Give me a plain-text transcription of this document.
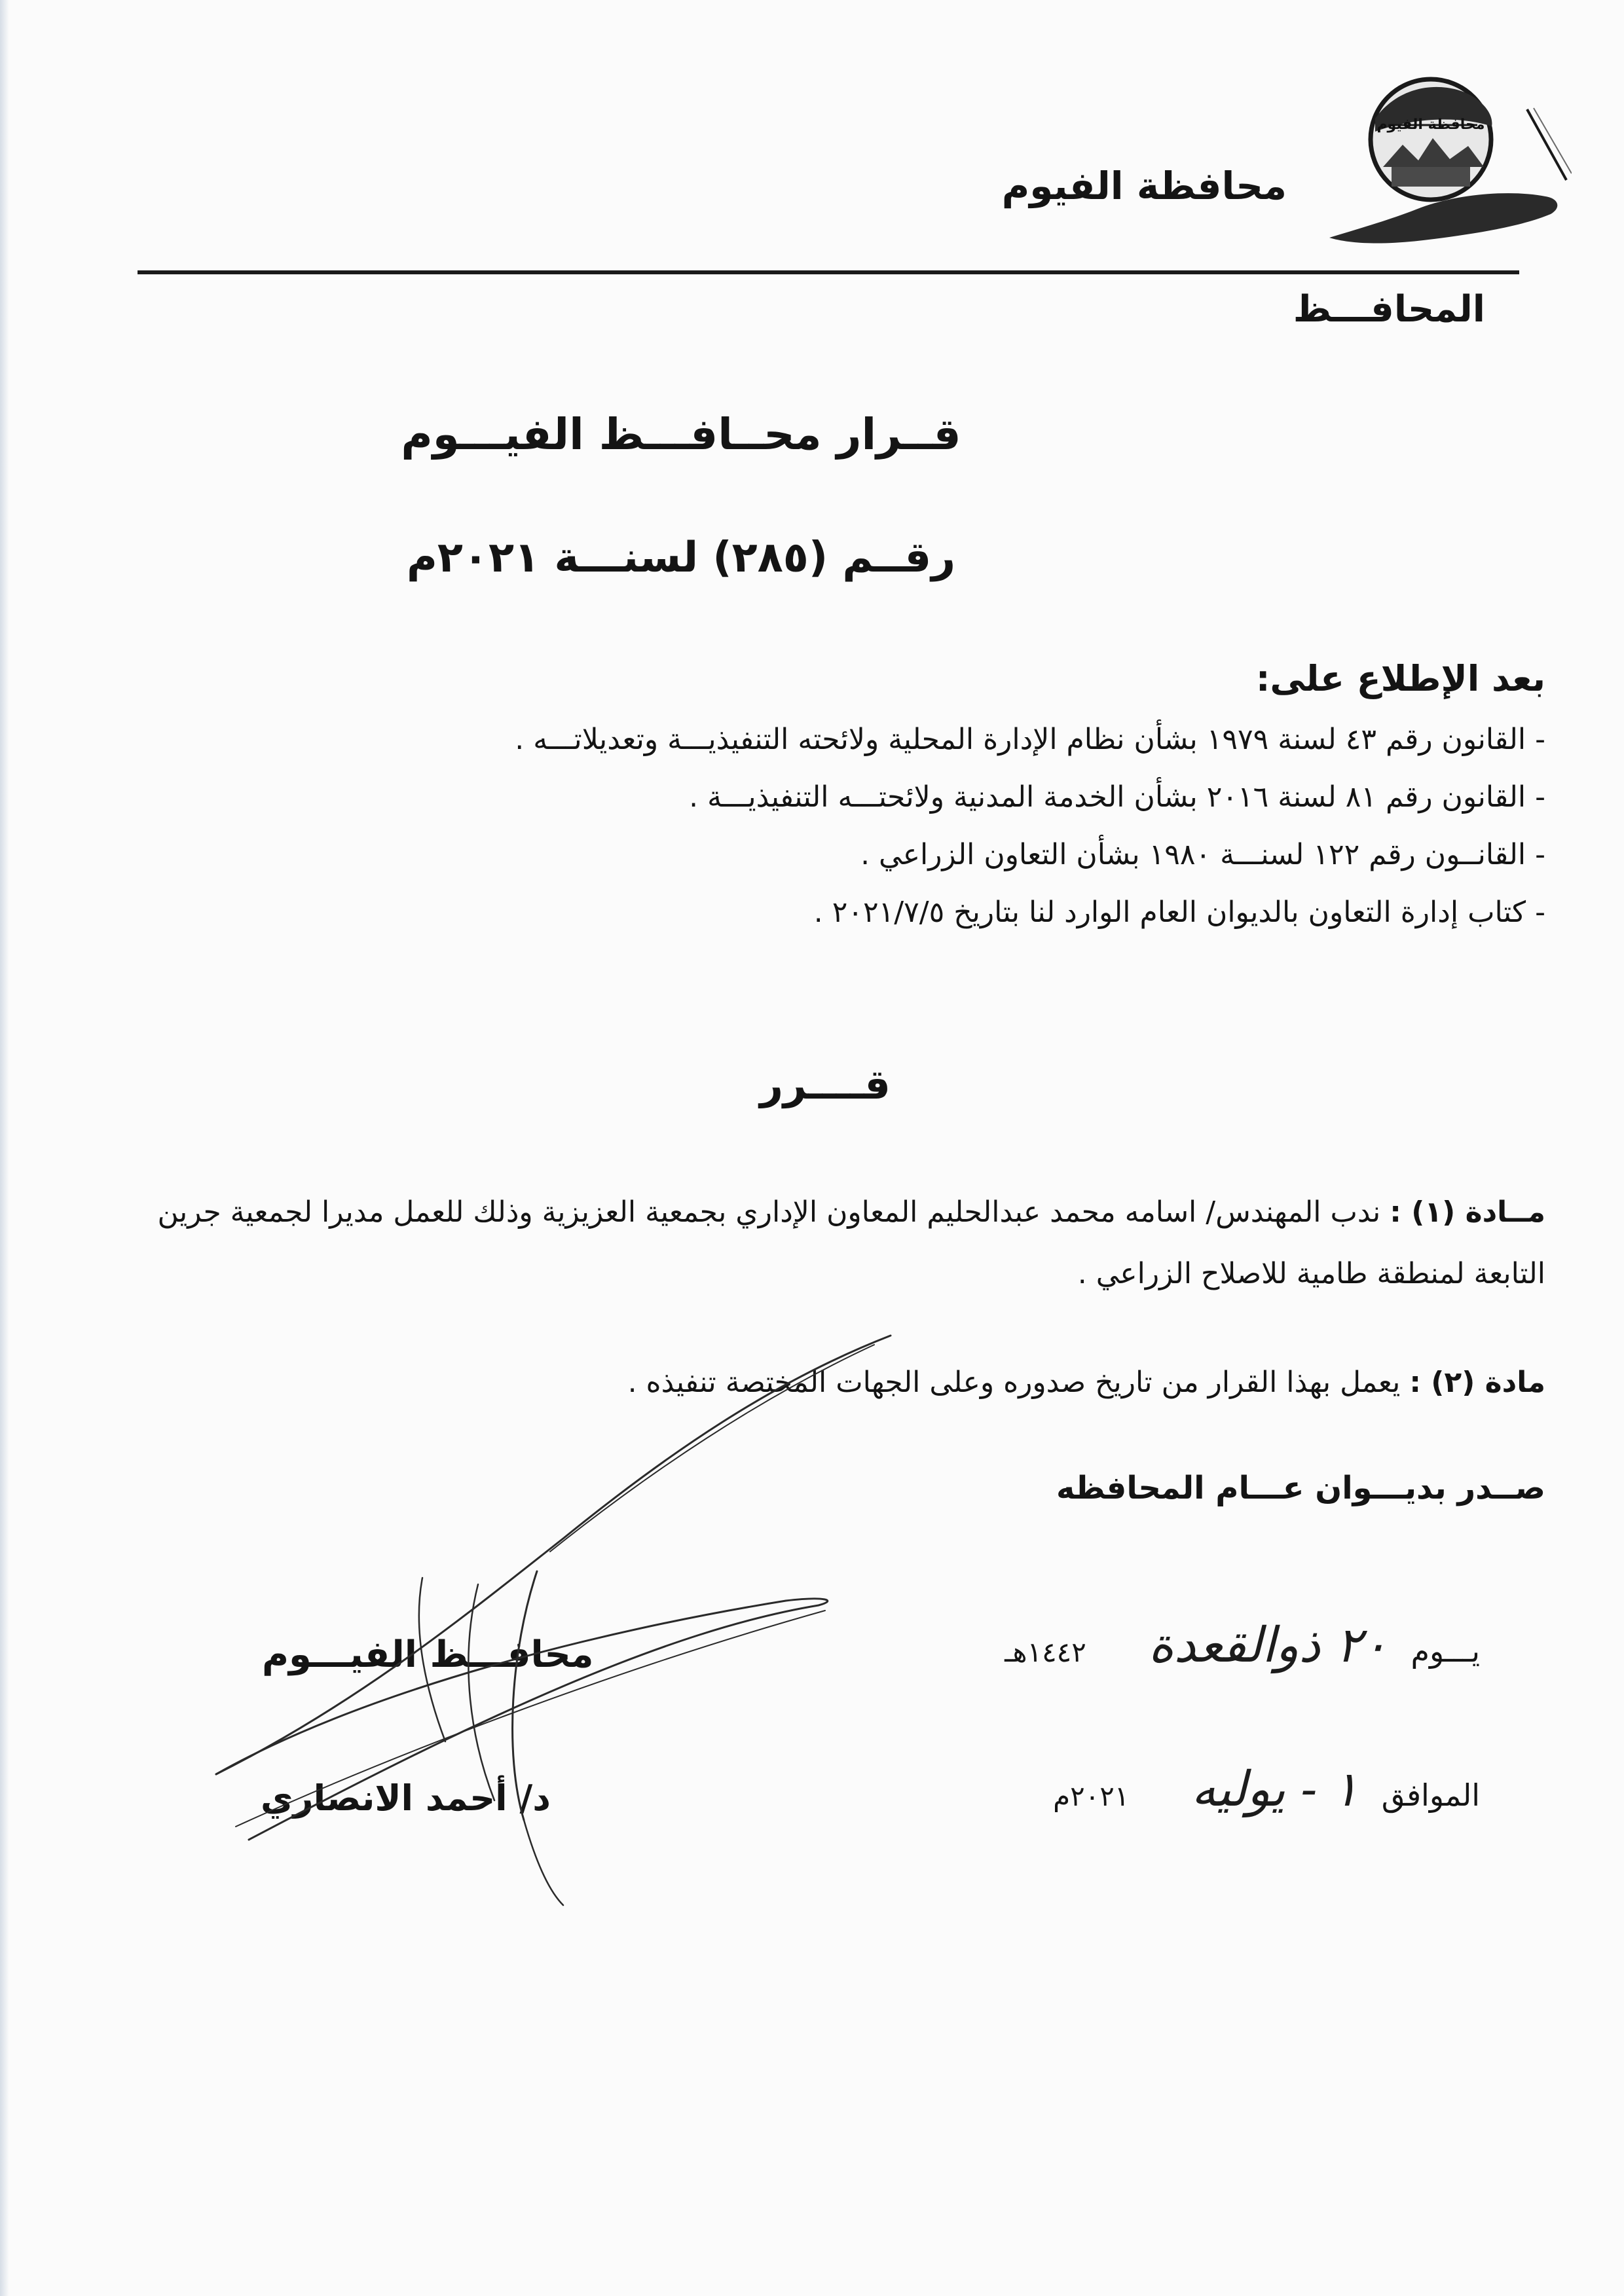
محافظة الفيوم
محافظة الفيوم
المحافـــظ
قــرار محــافـــظ الفيـــوم
رقــم (٢٨٥) لسنـــة ٢٠٢١م
بعد الإطلاع على:
- القانون رقم ٤٣ لسنة ١٩٧٩ بشأن نظام الإدارة المحلية ولائحته التنفيذيـــة وتعديلاتـــه .
- القانون رقم ٨١ لسنة ٢٠١٦ بشأن الخدمة المدنية ولائحتـــه التنفيذيـــة .
- القانــون رقم ١٢٢ لسنـــة ١٩٨٠ بشأن التعاون الزراعي .
- كتاب إدارة التعاون بالديوان العام الوارد لنا بتاريخ ٢٠٢١/٧/٥ .
قــــرر
مــادة (١) : ندب المهندس/ اسامه محمد عبدالحليم المعاون الإداري بجمعية العزيزية وذلك للعمل مديرا لجمعية جرين التابعة لمنطقة طامية للاصلاح الزراعي .
مادة (٢) : يعمل بهذا القرار من تاريخ صدوره وعلى الجهات المختصة تنفيذه .
صــدر بديـــوان عـــام المحافظه
يـــوم ٢٠ ذوالقعدة ١٤٤٢هـ
الموافق ١ - يوليه ٢٠٢١م
محافـــظ الفيـــوم
د/ أحمد الانصاري
